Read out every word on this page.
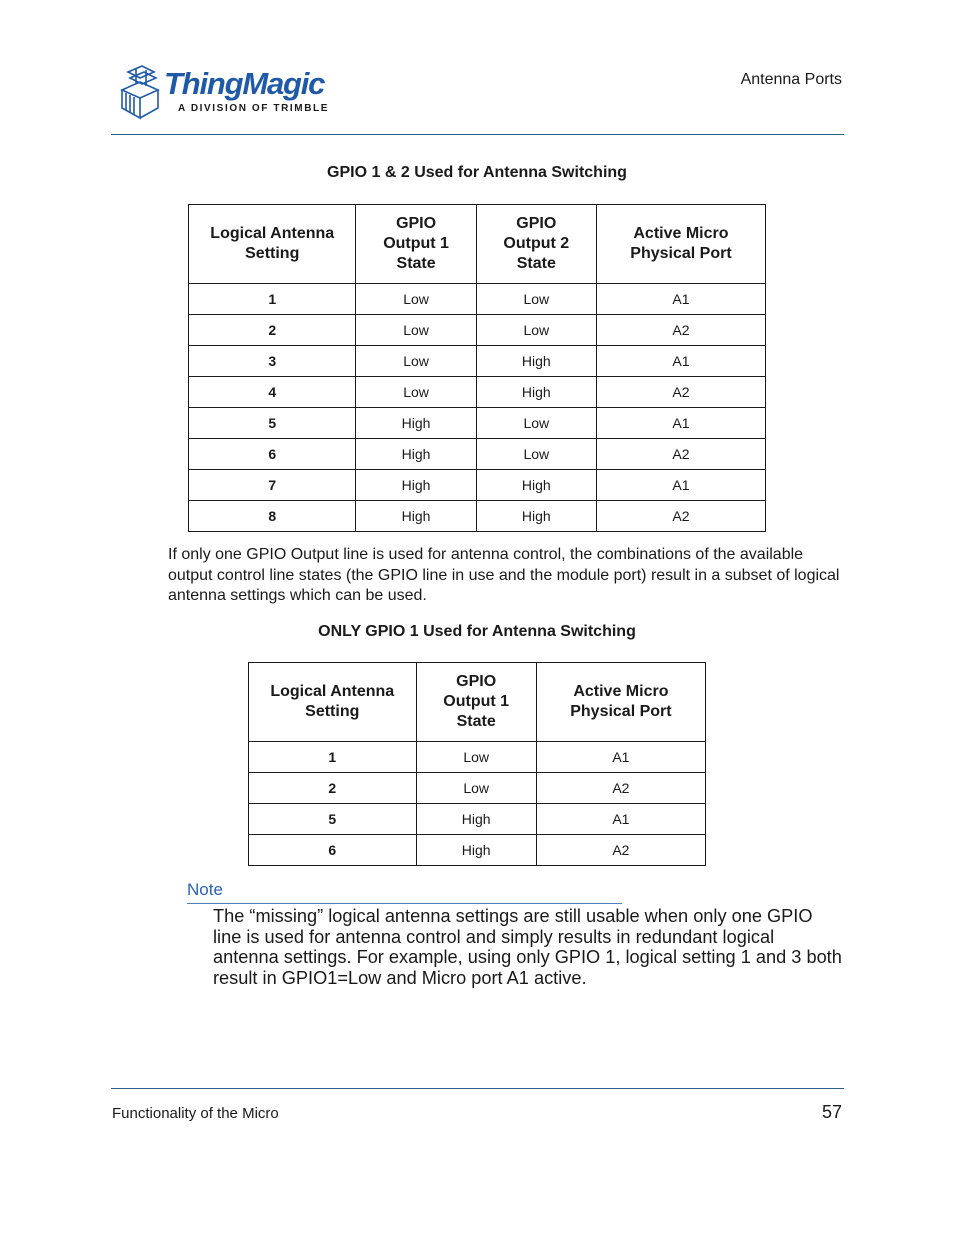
ThingMagic
A DIVISION OF TRIMBLE
Antenna Ports
GPIO 1 & 2 Used for Antenna Switching
Logical Antenna Setting	GPIO Output 1 State	GPIO Output 2 State	Active Micro Physical Port

1	Low	Low	A1
2	Low	Low	A2
3	Low	High	A1
4	Low	High	A2
5	High	Low	A1
6	High	Low	A2
7	High	High	A1
8	High	High	A2
If only one GPIO Output line is used for antenna control, the combinations of the available output control line states (the GPIO line in use and the module port) result in a subset of logical antenna settings which can be used.
ONLY GPIO 1 Used for Antenna Switching
Logical Antenna Setting	GPIO Output 1 State	Active Micro Physical Port

1	Low	A1
2	Low	A2
5	High	A1
6	High	A2
Note
The “missing” logical antenna settings are still usable when only one GPIO line is used for antenna control and simply results in redundant logical antenna settings. For example, using only GPIO 1, logical setting 1 and 3 both result in GPIO1=Low and Micro port A1 active.
Functionality of the Micro	57
